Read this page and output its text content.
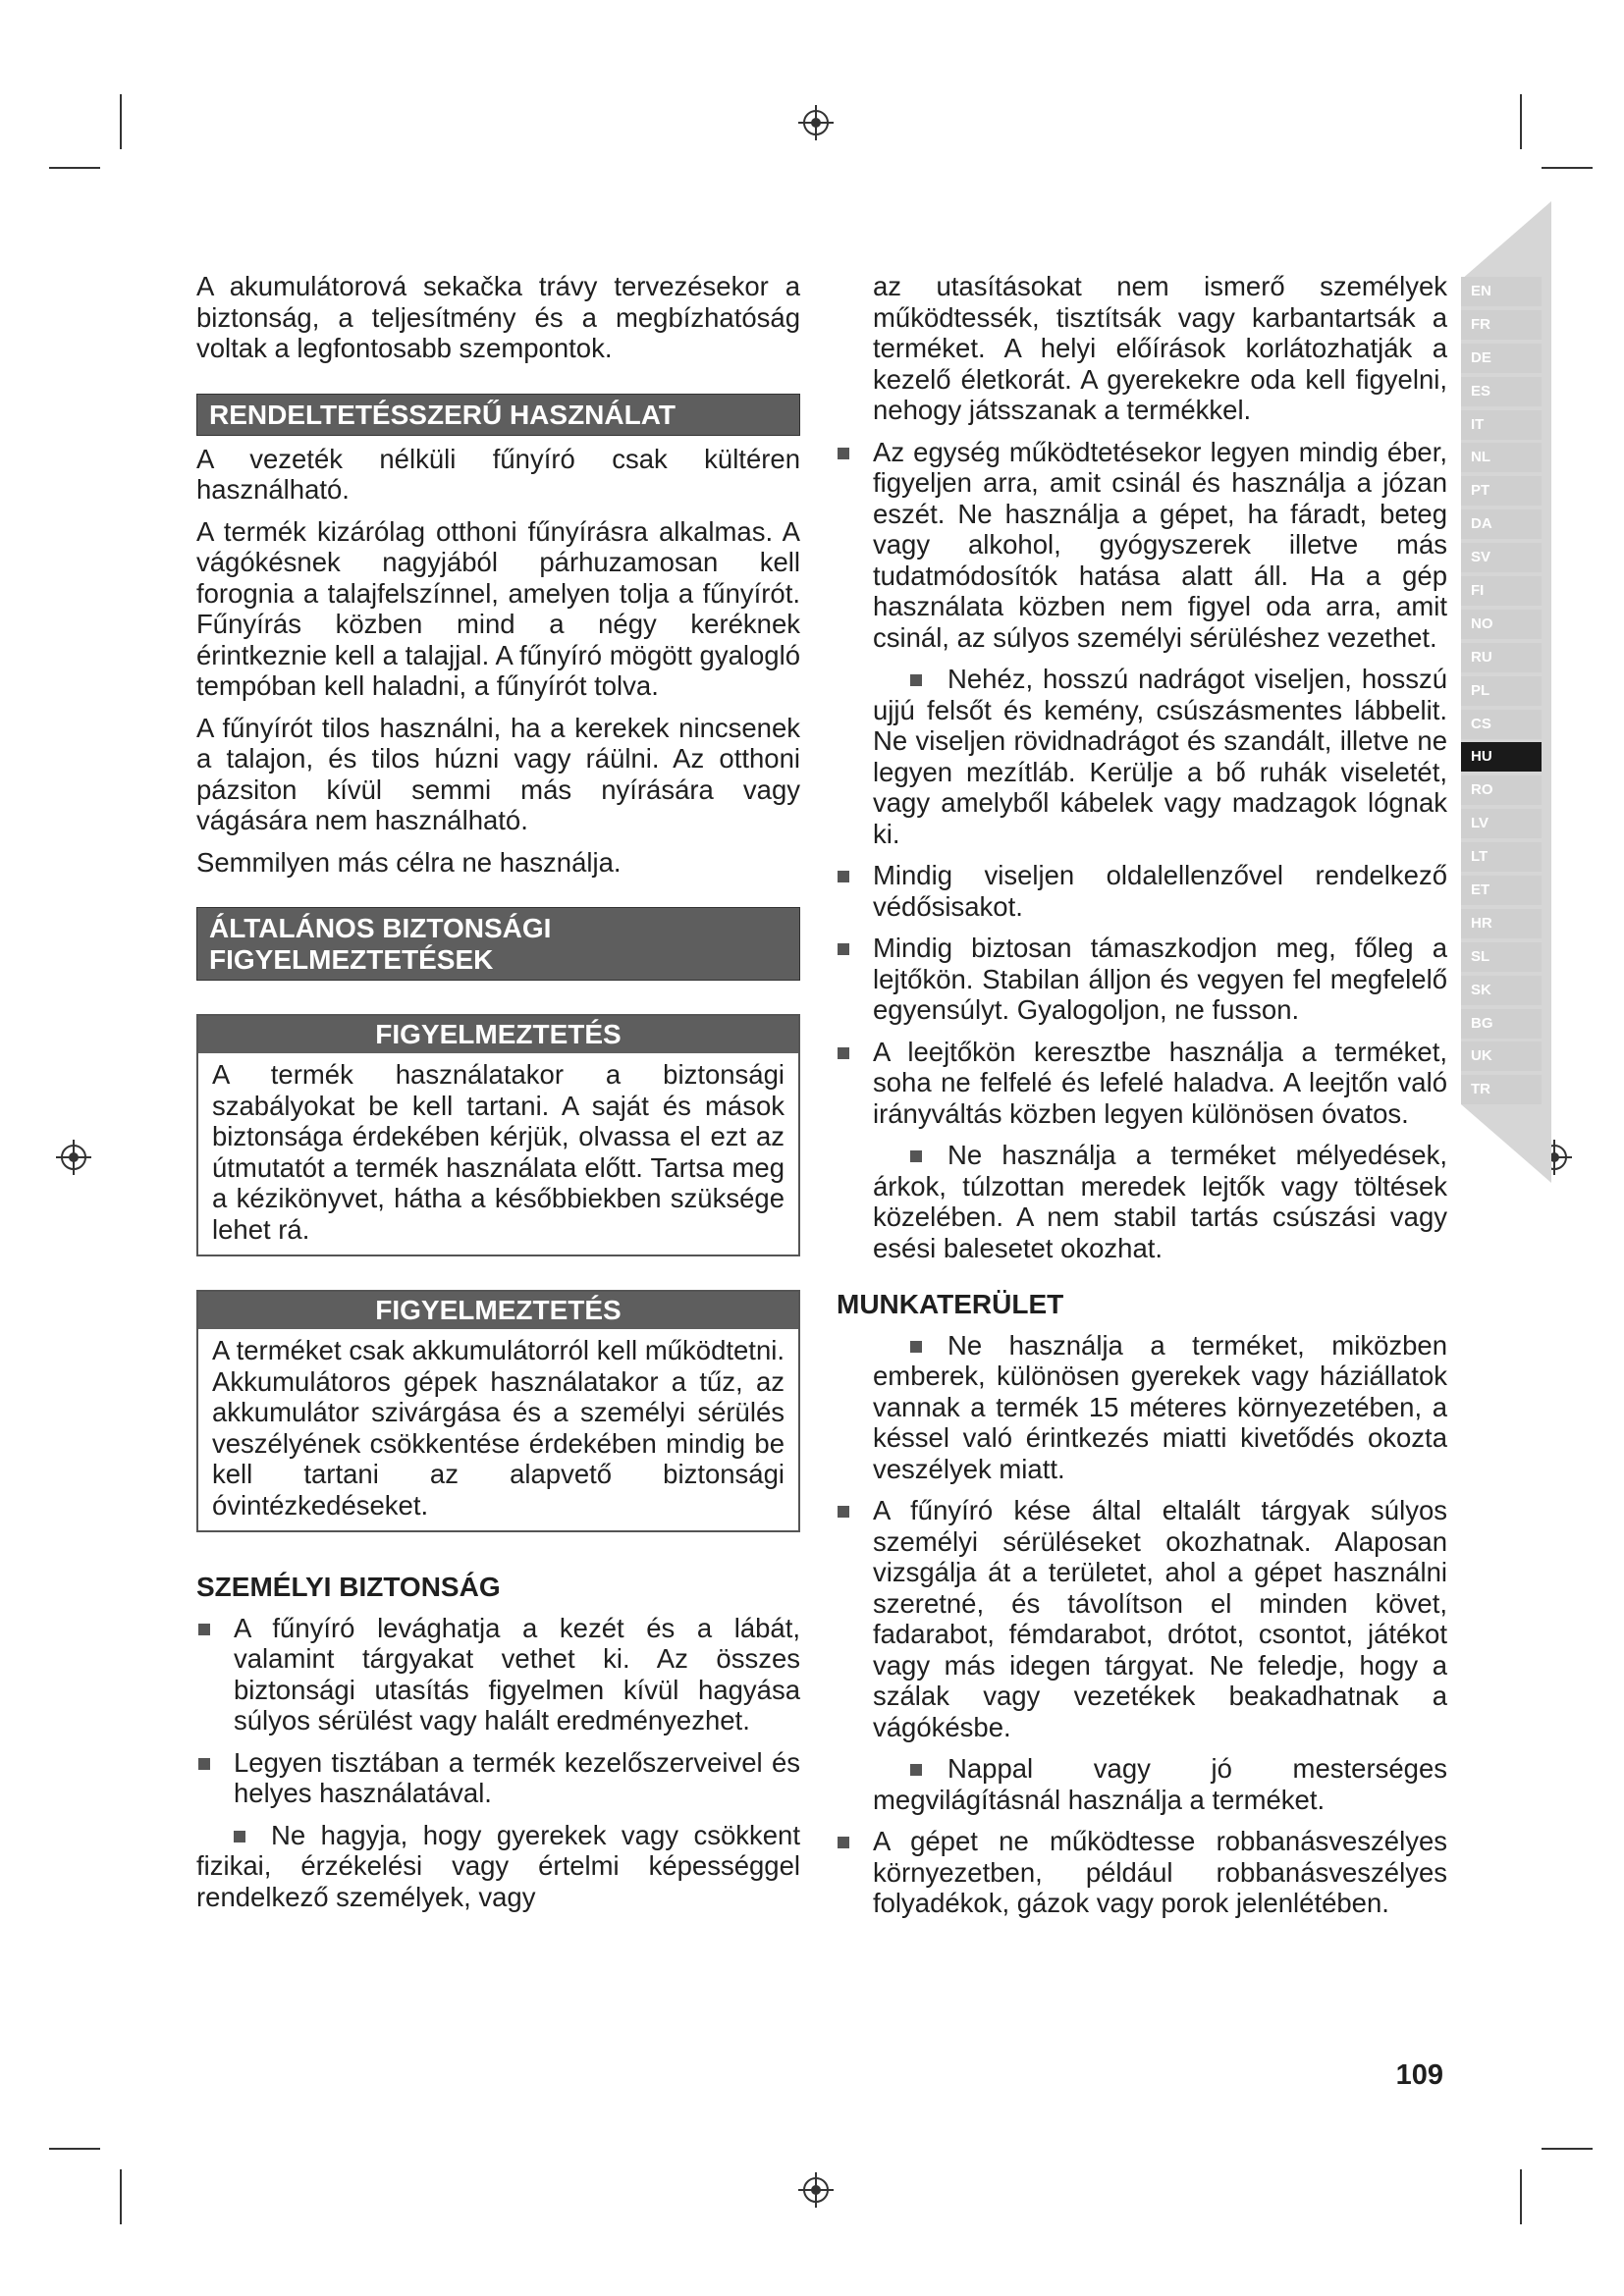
EN
FR
DE
ES
IT
NL
PT
DA
SV
FI
NO
RU
PL
CS
HU
RO
LV
LT
ET
HR
SL
SK
BG
UK
TR

A akumulátorová sekačka trávy tervezésekor a biztonság, a teljesítmény és a megbízhatóság voltak a legfontosabb szempontok.

RENDELTETÉSSZERŰ HASZNÁLAT

A vezeték nélküli fűnyíró csak kültéren használható.

A termék kizárólag otthoni fűnyírásra alkalmas. A vágókésnek nagyjából párhuzamosan kell forognia a talajfelszínnel, amelyen tolja a fűnyírót. Fűnyírás közben mind a négy keréknek érintkeznie kell a talajjal. A fűnyíró mögött gyalogló tempóban kell haladni, a fűnyírót tolva.

A fűnyírót tilos használni, ha a kerekek nincsenek a talajon, és tilos húzni vagy ráülni. Az otthoni pázsiton kívül semmi más nyírására vagy vágására nem használható.

Semmilyen más célra ne használja.

ÁLTALÁNOS BIZTONSÁGI
FIGYELMEZTETÉSEK
FIGYELMEZTETÉS

A termék használatakor a biztonsági szabályokat be kell tartani. A saját és mások biztonsága érdekében kérjük, olvassa el ezt az útmutatót a termék használata előtt. Tartsa meg a kézikönyvet, hátha a későbbiekben szüksége lehet rá.

FIGYELMEZTETÉS

A terméket csak akkumulátorról kell működtetni. Akkumulátoros gépek használatakor a tűz, az akkumulátor szivárgása és a személyi sérülés veszélyének csökkentése érdekében mindig be kell tartani az alapvető biztonsági óvintézkedéseket.

SZEMÉLYI BIZTONSÁG
A fűnyíró levághatja a kezét és a lábát, valamint tárgyakat vethet ki. Az összes biztonsági utasítás figyelmen kívül hagyása súlyos sérülést vagy halált eredményezhet.
Legyen tisztában a termék kezelőszerveivel és helyes használatával.
Ne hagyja, hogy gyerekek vagy csökkent fizikai, érzékelési vagy értelmi képességgel rendelkező személyek, vagy

az utasításokat nem ismerő személyek működtessék, tisztítsák vagy karbantartsák a terméket. A helyi előírások korlátozhatják a kezelő életkorát. A gyerekekre oda kell figyelni, nehogy játsszanak a termékkel.

Az egység működtetésekor legyen mindig éber, figyeljen arra, amit csinál és használja a józan eszét. Ne használja a gépet, ha fáradt, beteg vagy alkohol, gyógyszerek illetve más tudatmódosítók hatása alatt áll. Ha a gép használata közben nem figyel oda arra, amit csinál, az súlyos személyi sérüléshez vezethet.
Nehéz, hosszú nadrágot viseljen, hosszú ujjú felsőt és kemény, csúszásmentes lábbelit. Ne viseljen rövidnadrágot és szandált, illetve ne legyen mezítláb. Kerülje a bő ruhák viseletét, vagy amelyből kábelek vagy madzagok lógnak ki.
Mindig viseljen oldalellenzővel rendelkező védősisakot.
Mindig biztosan támaszkodjon meg, főleg a lejtőkön. Stabilan álljon és vegyen fel megfelelő egyensúlyt. Gyalogoljon, ne fusson.
A leejtőkön keresztbe használja a terméket, soha ne felfelé és lefelé haladva. A leejtőn való irányváltás közben legyen különösen óvatos.
Ne használja a terméket mélyedések, árkok, túlzottan meredek lejtők vagy töltések közelében. A nem stabil tartás csúszási vagy esési balesetet okozhat.
MUNKATERÜLET
Ne használja a terméket, miközben emberek, különösen gyerekek vagy háziállatok vannak a termék 15 méteres környezetében, a késsel való érintkezés miatti kivetődés okozta veszélyek miatt.
A fűnyíró kése által eltalált tárgyak súlyos személyi sérüléseket okozhatnak. Alaposan vizsgálja át a területet, ahol a gépet használni szeretné, és távolítson el minden követ, fadarabot, fémdarabot, drótot, csontot, játékot vagy más idegen tárgyat. Ne feledje, hogy a szálak vagy vezetékek beakadhatnak a vágókésbe.
Nappal vagy jó mesterséges megvilágításnál használja a terméket.
A gépet ne működtesse robbanásveszélyes környezetben, például robbanásveszélyes folyadékok, gázok vagy porok jelenlétében.
109
